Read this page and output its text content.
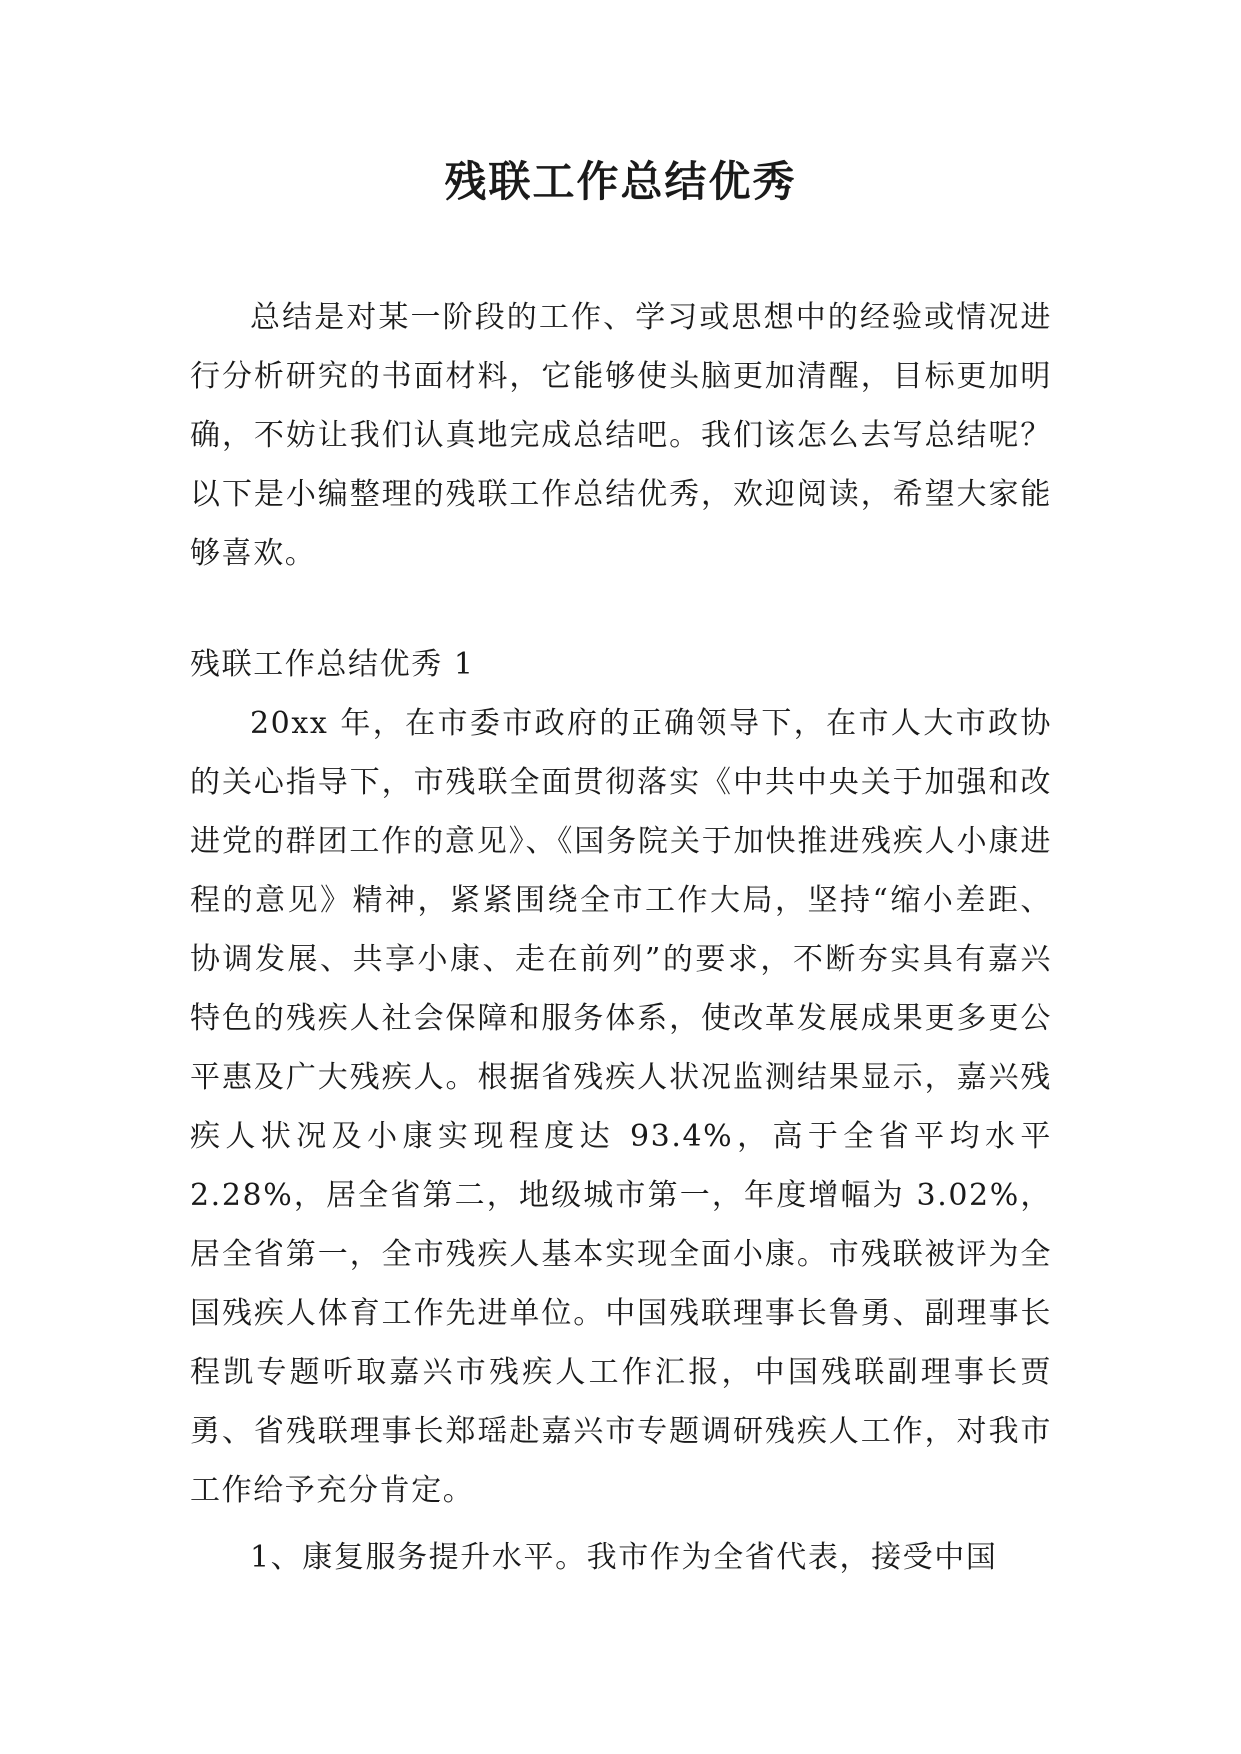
残联工作总结优秀

总结是对某一阶段的工作、学习或思想中的经验或情况进行分析研究的书面材料，它能够使头脑更加清醒，目标更加明确，不妨让我们认真地完成总结吧。我们该怎么去写总结呢？以下是小编整理的残联工作总结优秀，欢迎阅读，希望大家能够喜欢。

残联工作总结优秀 1

20xx 年，在市委市政府的正确领导下，在市人大市政协的关心指导下，市残联全面贯彻落实《中共中央关于加强和改进党的群团工作的意见》、《国务院关于加快推进残疾人小康进程的意见》精神，紧紧围绕全市工作大局，坚持“缩小差距、协调发展、共享小康、走在前列”的要求，不断夯实具有嘉兴特色的残疾人社会保障和服务体系，使改革发展成果更多更公平惠及广大残疾人。根据省残疾人状况监测结果显示，嘉兴残疾人状况及小康实现程度达 93.4%，高于全省平均水平 2.28%，居全省第二，地级城市第一，年度增幅为 3.02%，居全省第一，全市残疾人基本实现全面小康。市残联被评为全国残疾人体育工作先进单位。中国残联理事长鲁勇、副理事长程凯专题听取嘉兴市残疾人工作汇报，中国残联副理事长贾勇、省残联理事长郑瑶赴嘉兴市专题调研残疾人工作，对我市工作给予充分肯定。

1、康复服务提升水平。我市作为全省代表，接受中国
